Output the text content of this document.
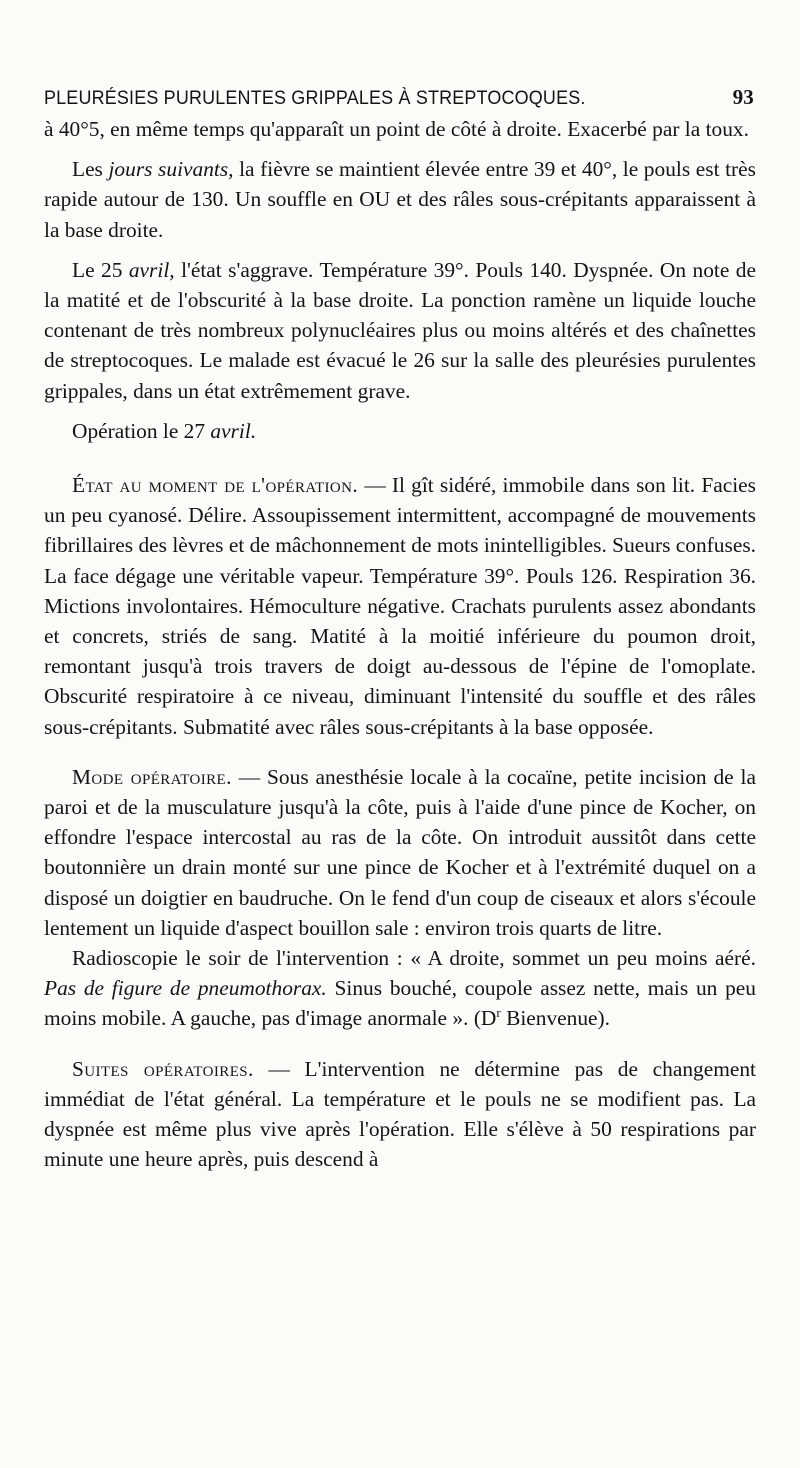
PLEURÉSIES PURULENTES GRIPPALES À STREPTOCOQUES.	93

à 40°5, en même temps qu'apparaît un point de côté à droite. Exacerbé par la toux.

Les jours suivants, la fièvre se maintient élevée entre 39 et 40°, le pouls est très rapide autour de 130. Un souffle en OU et des râles sous-crépitants apparaissent à la base droite.

Le 25 avril, l'état s'aggrave. Température 39°. Pouls 140. Dyspnée. On note de la matité et de l'obscurité à la base droite. La ponction ramène un liquide louche contenant de très nombreux polynucléaires plus ou moins altérés et des chaînettes de streptocoques. Le malade est évacué le 26 sur la salle des pleurésies purulentes grippales, dans un état extrêmement grave.

Opération le 27 avril.

État au moment de l'opération. — Il gît sidéré, immobile dans son lit. Facies un peu cyanosé. Délire. Assoupissement intermittent, accompagné de mouvements fibrillaires des lèvres et de mâchonnement de mots inintelligibles. Sueurs confuses. La face dégage une véritable vapeur. Température 39°. Pouls 126. Respiration 36. Mictions involontaires. Hémoculture négative. Crachats purulents assez abondants et concrets, striés de sang. Matité à la moitié inférieure du poumon droit, remontant jusqu'à trois travers de doigt au-dessous de l'épine de l'omoplate. Obscurité respiratoire à ce niveau, diminuant l'intensité du souffle et des râles sous-crépitants. Submatité avec râles sous-crépitants à la base opposée.

Mode opératoire. — Sous anesthésie locale à la cocaïne, petite incision de la paroi et de la musculature jusqu'à la côte, puis à l'aide d'une pince de Kocher, on effondre l'espace intercostal au ras de la côte. On introduit aussitôt dans cette boutonnière un drain monté sur une pince de Kocher et à l'extrémité duquel on a disposé un doigtier en baudruche. On le fend d'un coup de ciseaux et alors s'écoule lentement un liquide d'aspect bouillon sale : environ trois quarts de litre.

Radioscopie le soir de l'intervention : « A droite, sommet un peu moins aéré. Pas de figure de pneumothorax. Sinus bouché, coupole assez nette, mais un peu moins mobile. A gauche, pas d'image anormale ». ($D^r$ Bienvenue).

Suites opératoires. — L'intervention ne détermine pas de changement immédiat de l'état général. La température et le pouls ne se modifient pas. La dyspnée est même plus vive après l'opération. Elle s'élève à 50 respirations par minute une heure après, puis descend à
